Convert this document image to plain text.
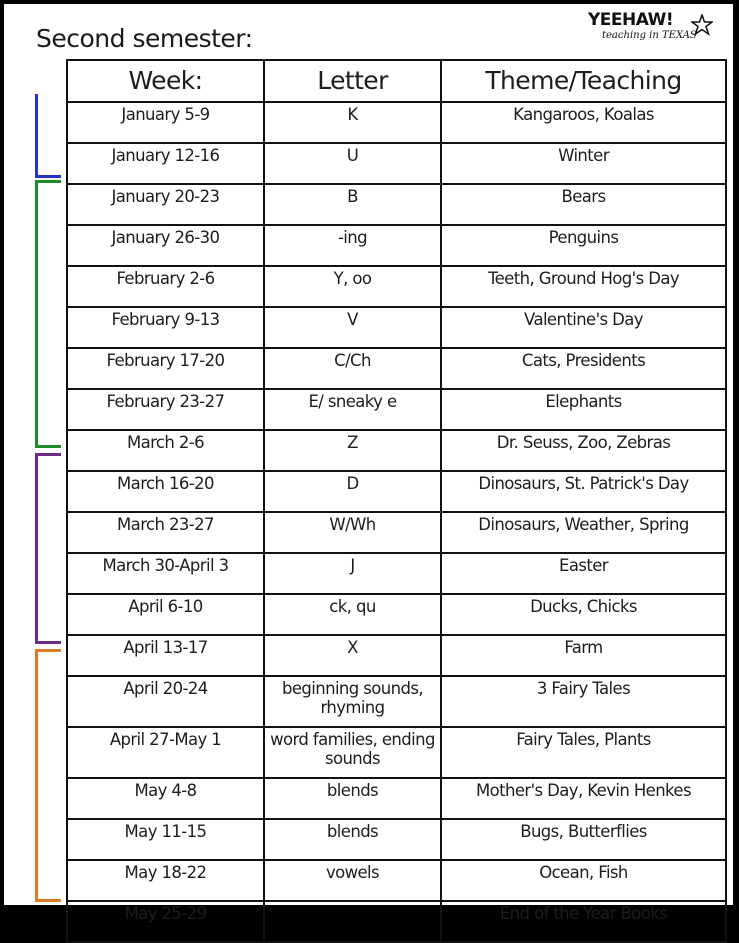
Second semester:
YEEHAW!
teaching in TEXAS
Week:	Letter	Theme/Teaching
January 5-9	K	Kangaroos, Koalas
January 12-16	U	Winter
January 20-23	B	Bears
January 26-30	-ing	Penguins
February 2-6	Y, oo	Teeth, Ground Hog's Day
February 9-13	V	Valentine's Day
February 17-20	C/Ch	Cats, Presidents
February 23-27	E/ sneaky e	Elephants
March 2-6	Z	Dr. Seuss, Zoo, Zebras
March 16-20	D	Dinosaurs, St. Patrick's Day
March 23-27	W/Wh	Dinosaurs, Weather, Spring
March 30-April 3	J	Easter
April 6-10	ck, qu	Ducks, Chicks
April 13-17	X	Farm
April 20-24	beginning sounds, rhyming	3 Fairy Tales
April 27-May 1	word families, ending sounds	Fairy Tales, Plants
May 4-8	blends	Mother's Day, Kevin Henkes
May 11-15	blends	Bugs, Butterflies
May 18-22	vowels	Ocean, Fish
May 25-29		End of the Year Books
